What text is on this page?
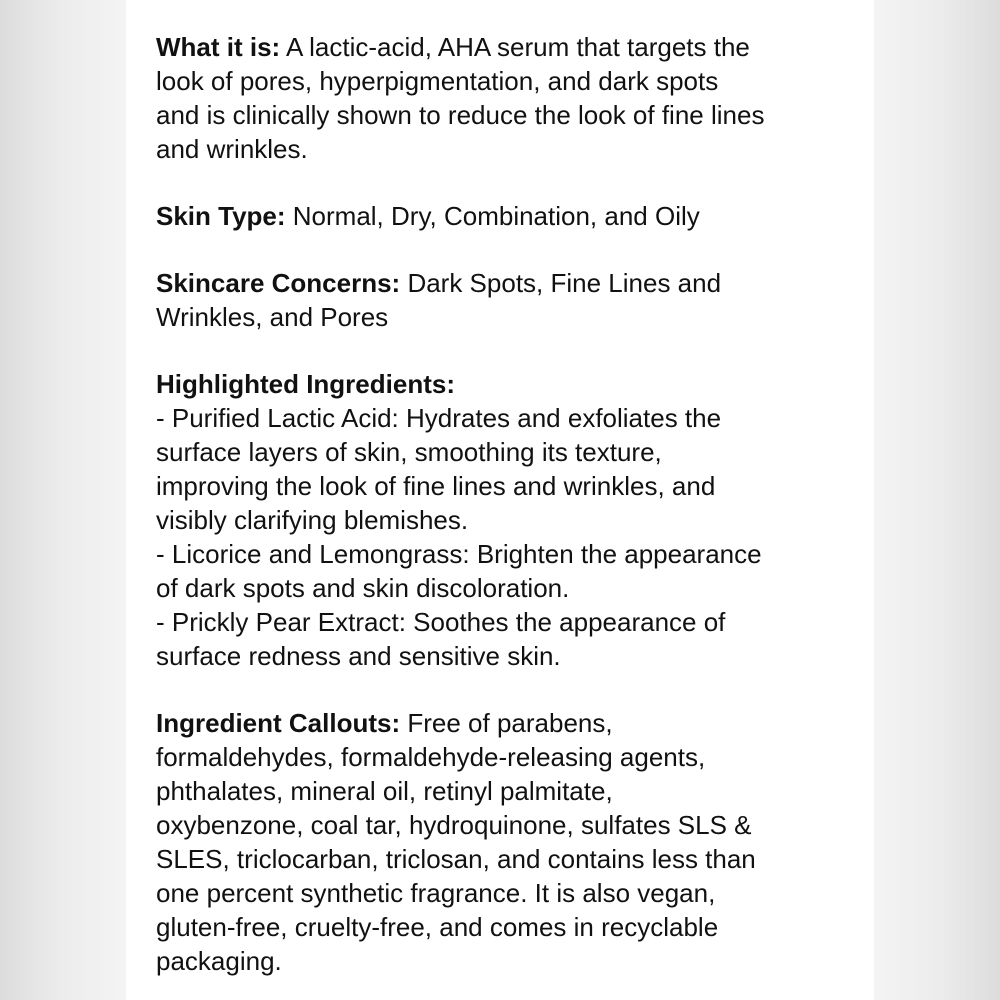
What it is: A lactic-acid, AHA serum that targets the
look of pores, hyperpigmentation, and dark spots
and is clinically shown to reduce the look of fine lines
and wrinkles.
Skin Type: Normal, Dry, Combination, and Oily
Skincare Concerns: Dark Spots, Fine Lines and
Wrinkles, and Pores
Highlighted Ingredients:
- Purified Lactic Acid: Hydrates and exfoliates the
surface layers of skin, smoothing its texture,
improving the look of fine lines and wrinkles, and
visibly clarifying blemishes.
- Licorice and Lemongrass: Brighten the appearance
of dark spots and skin discoloration.
- Prickly Pear Extract: Soothes the appearance of
surface redness and sensitive skin.
Ingredient Callouts: Free of parabens,
formaldehydes, formaldehyde-releasing agents,
phthalates, mineral oil, retinyl palmitate,
oxybenzone, coal tar, hydroquinone, sulfates SLS &
SLES, triclocarban, triclosan, and contains less than
one percent synthetic fragrance. It is also vegan,
gluten-free, cruelty-free, and comes in recyclable
packaging.
